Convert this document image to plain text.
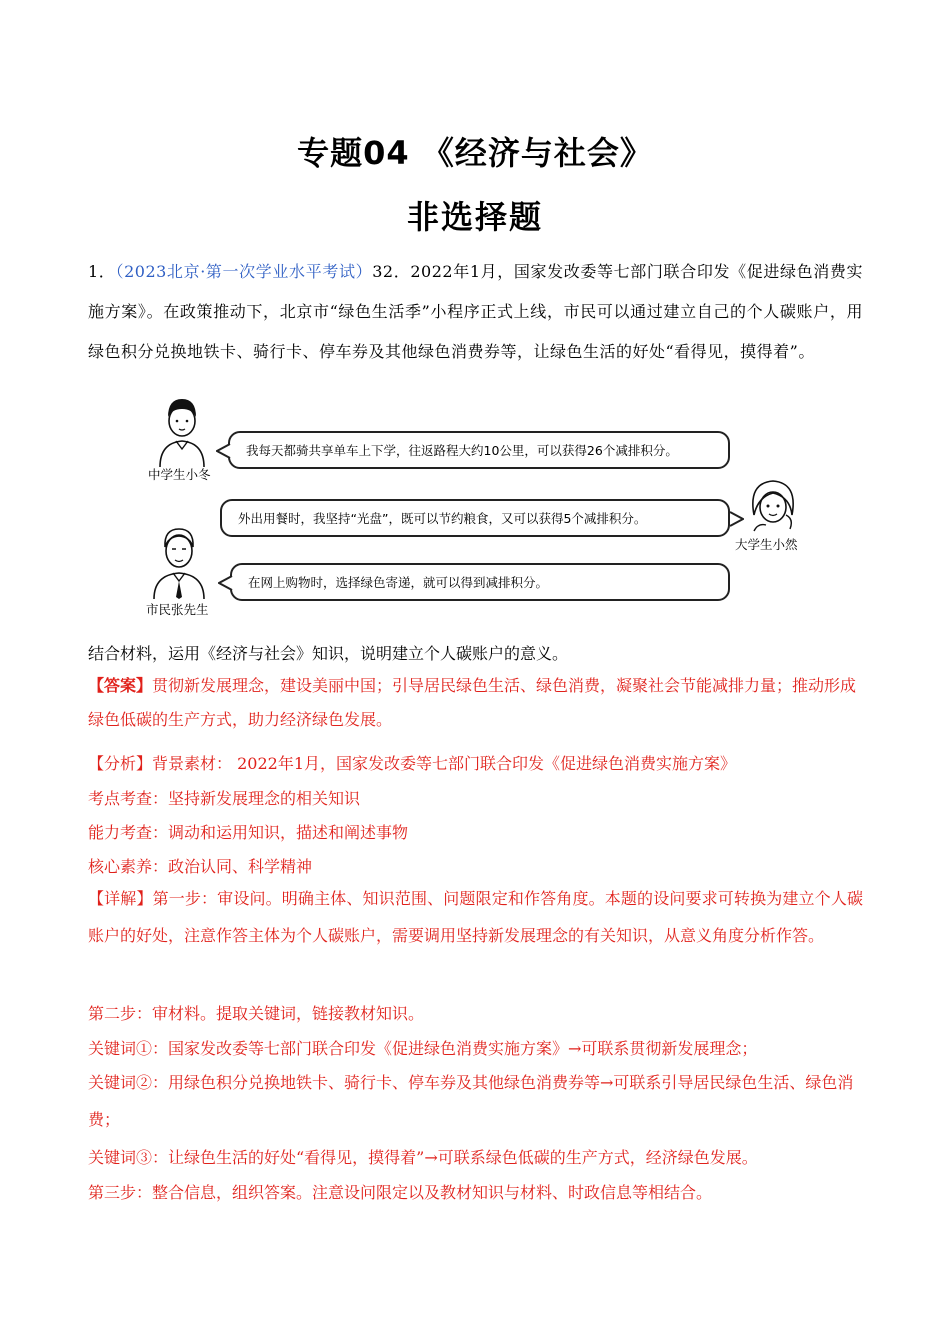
专题04 《经济与社会》
非选择题
1．（2023北京·第一次学业水平考试）32．2022年1月，国家发改委等七部门联合印发《促进绿色消费实施方案》。在政策推动下，北京市“绿色生活季”小程序正式上线，市民可以通过建立自己的个人碳账户，用绿色积分兑换地铁卡、骑行卡、停车券及其他绿色消费券等，让绿色生活的好处“看得见，摸得着”。
中学生小冬
我每天都骑共享单车上下学，往返路程大约10公里，可以获得26个减排积分。
外出用餐时，我坚持“光盘”，既可以节约粮食，又可以获得5个减排积分。
大学生小然
市民张先生
在网上购物时，选择绿色寄递，就可以得到减排积分。
结合材料，运用《经济与社会》知识，说明建立个人碳账户的意义。
【答案】贯彻新发展理念，建设美丽中国；引导居民绿色生活、绿色消费，凝聚社会节能减排力量；推动形成绿色低碳的生产方式，助力经济绿色发展。
【分析】背景素材： 2022年1月，国家发改委等七部门联合印发《促进绿色消费实施方案》
考点考查：坚持新发展理念的相关知识
能力考查：调动和运用知识，描述和阐述事物
核心素养：政治认同、科学精神
【详解】第一步：审设问。明确主体、知识范围、问题限定和作答角度。本题的设问要求可转换为建立个人碳账户的好处，注意作答主体为个人碳账户，需要调用坚持新发展理念的有关知识，从意义角度分析作答。
第二步：审材料。提取关键词，链接教材知识。
关键词①：国家发改委等七部门联合印发《促进绿色消费实施方案》→可联系贯彻新发展理念；
关键词②：用绿色积分兑换地铁卡、骑行卡、停车券及其他绿色消费券等→可联系引导居民绿色生活、绿色消费；
关键词③：让绿色生活的好处“看得见，摸得着”→可联系绿色低碳的生产方式，经济绿色发展。
第三步：整合信息，组织答案。注意设问限定以及教材知识与材料、时政信息等相结合。
